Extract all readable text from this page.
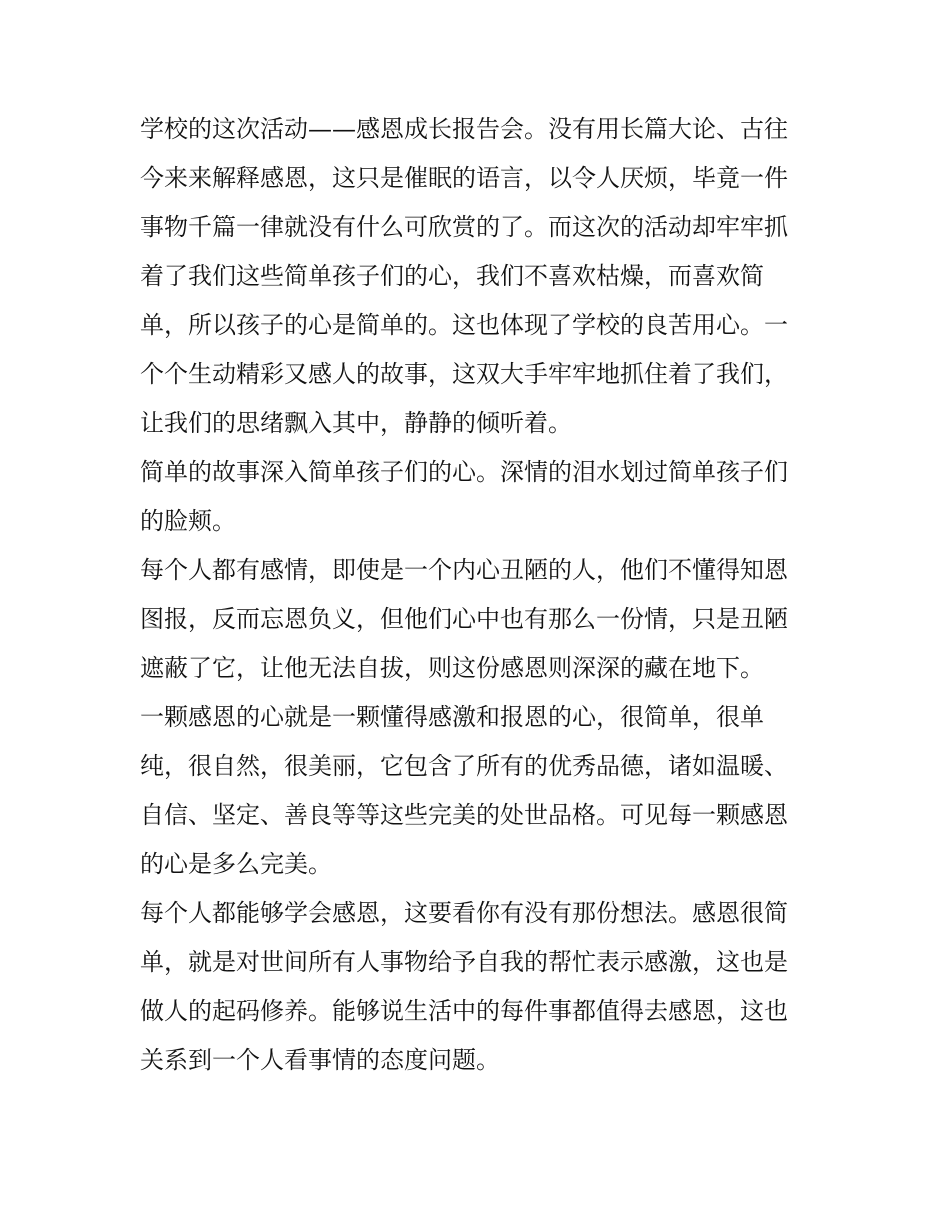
学校的这次活动——感恩成长报告会。没有用长篇大论、古往
今来来解释感恩，这只是催眠的语言，以令人厌烦，毕竟一件
事物千篇一律就没有什么可欣赏的了。而这次的活动却牢牢抓
着了我们这些简单孩子们的心，我们不喜欢枯燥，而喜欢简
单，所以孩子的心是简单的。这也体现了学校的良苦用心。一
个个生动精彩又感人的故事，这双大手牢牢地抓住着了我们，
让我们的思绪飘入其中，静静的倾听着。
简单的故事深入简单孩子们的心。深情的泪水划过简单孩子们
的脸颊。
每个人都有感情，即使是一个内心丑陋的人，他们不懂得知恩
图报，反而忘恩负义，但他们心中也有那么一份情，只是丑陋
遮蔽了它，让他无法自拔，则这份感恩则深深的藏在地下。
一颗感恩的心就是一颗懂得感激和报恩的心，很简单，很单
纯，很自然，很美丽，它包含了所有的优秀品德，诸如温暖、
自信、坚定、善良等等这些完美的处世品格。可见每一颗感恩
的心是多么完美。
每个人都能够学会感恩，这要看你有没有那份想法。感恩很简
单，就是对世间所有人事物给予自我的帮忙表示感激，这也是
做人的起码修养。能够说生活中的每件事都值得去感恩，这也
关系到一个人看事情的态度问题。
